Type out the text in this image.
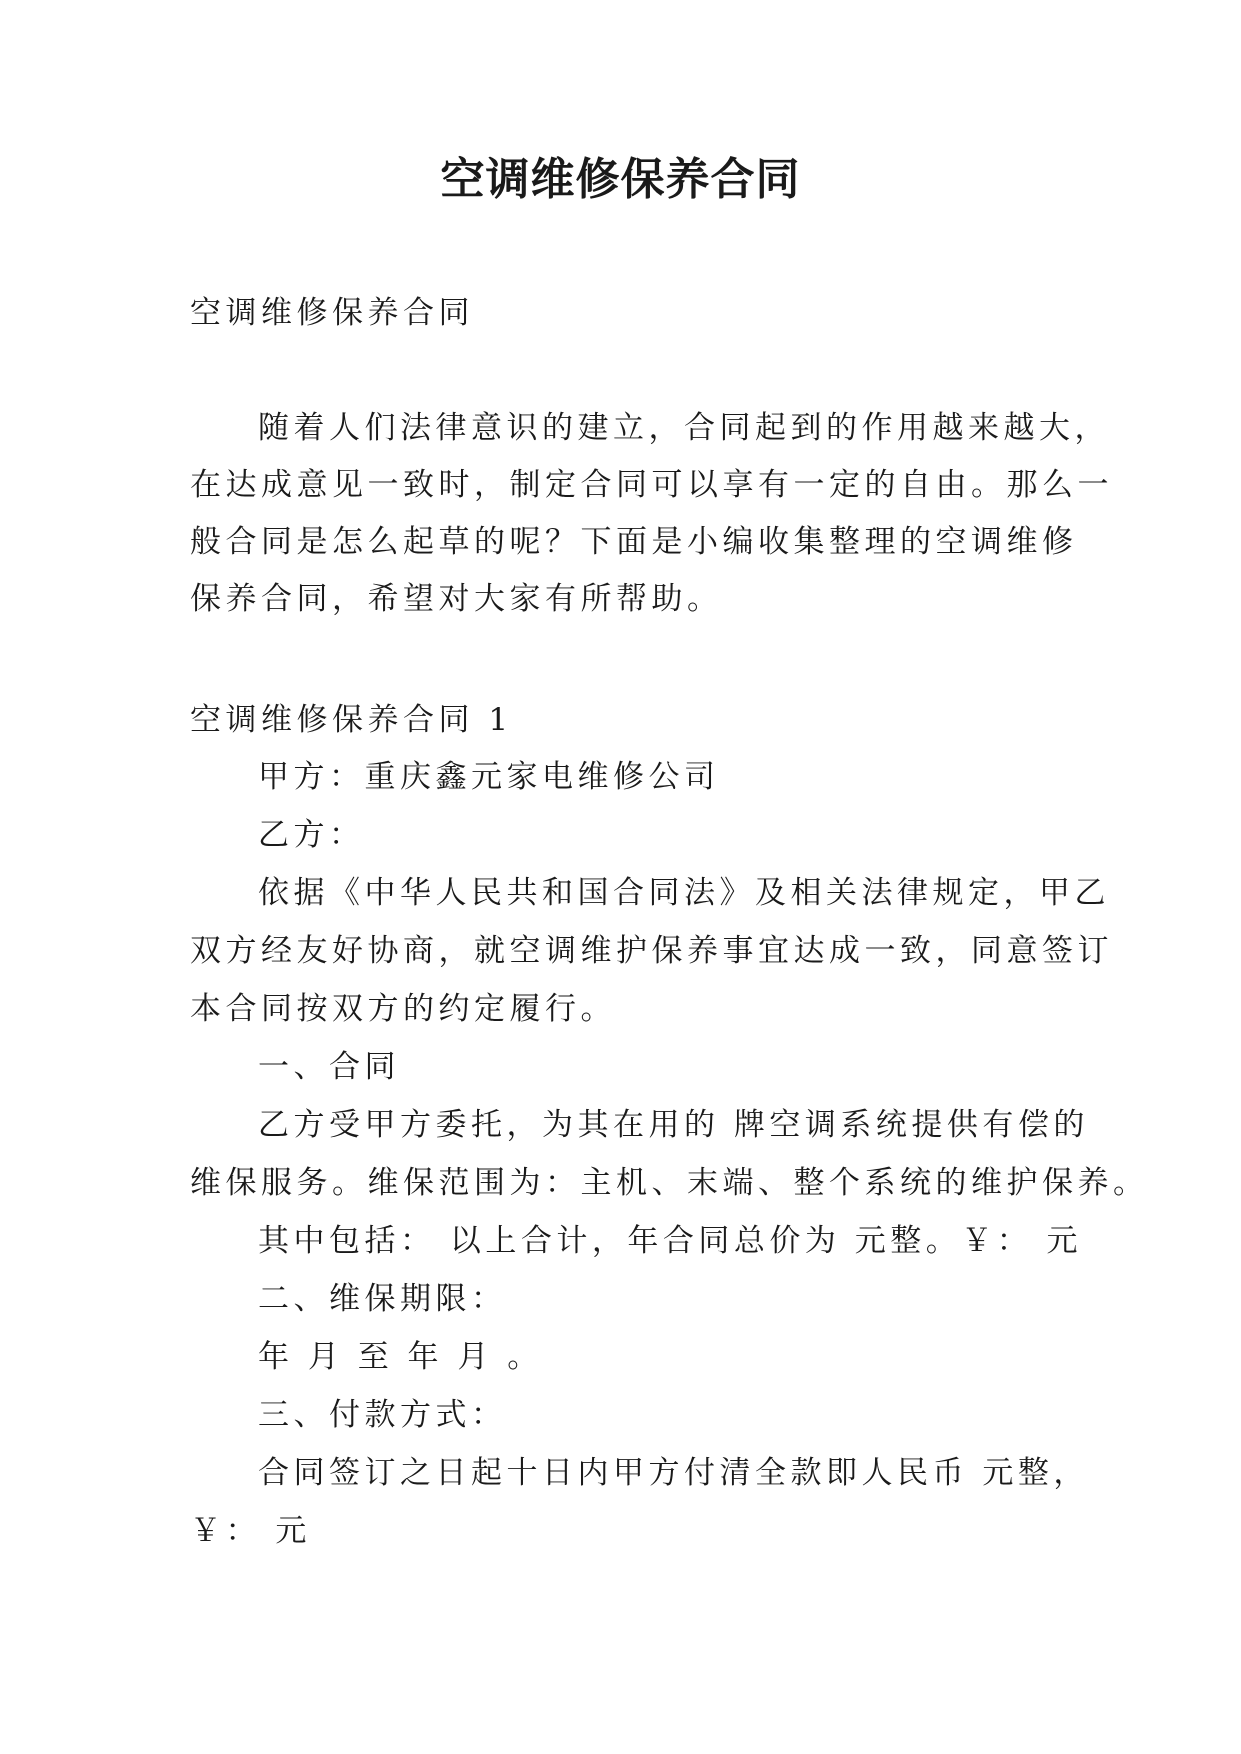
空调维修保养合同
空调维修保养合同
随着人们法律意识的建立，合同起到的作用越来越大，
在达成意见一致时，制定合同可以享有一定的自由。那么一
般合同是怎么起草的呢？下面是小编收集整理的空调维修
保养合同，希望对大家有所帮助。
空调维修保养合同 1
甲方：重庆鑫元家电维修公司
乙方：
依据《中华人民共和国合同法》及相关法律规定，甲乙
双方经友好协商，就空调维护保养事宜达成一致，同意签订
本合同按双方的约定履行。
一、合同
乙方受甲方委托，为其在用的 牌空调系统提供有偿的
维保服务。维保范围为：主机、末端、整个系统的维护保养。
其中包括： 以上合计，年合同总价为 元整。￥： 元
二、维保期限：
年 月 至 年 月 。
三、付款方式：
合同签订之日起十日内甲方付清全款即人民币 元整，
￥： 元
